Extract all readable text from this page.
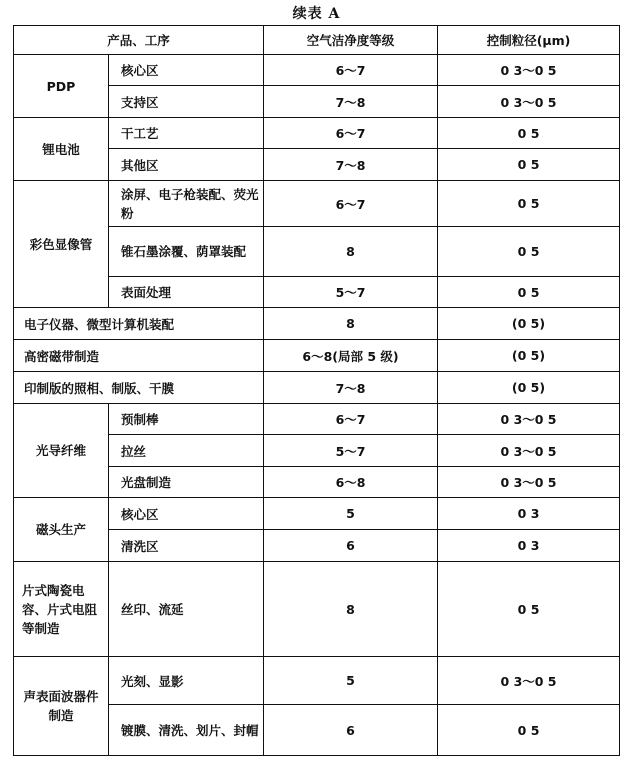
续表 A
产品、工序		空气洁净度等级	控制粒径(μm)
PDP	核心区	6～7	0 3～0 5
	支持区	7～8	0 3～0 5
锂电池	干工艺	6～7	0 5
	其他区	7～8	0 5
彩色显像管	涂屏、电子枪装配、荧光粉	6～7	0 5
	锥石墨涂覆、荫罩装配	8	0 5
	表面处理	5～7	0 5
电子仪器、微型计算机装配		8	(0 5)
高密磁带制造		6～8(局部 5 级)	(0 5)
印制版的照相、制版、干膜		7～8	(0 5)
光导纤维	预制棒	6～7	0 3～0 5
	拉丝	5～7	0 3～0 5
	光盘制造	6～8	0 3～0 5
磁头生产	核心区	5	0 3
	清洗区	6	0 3
片式陶瓷电容、片式电阻等制造	丝印、流延	8	0 5
声表面波器件制造	光刻、显影	5	0 3～0 5
	镀膜、清洗、划片、封帽	6	0 5
